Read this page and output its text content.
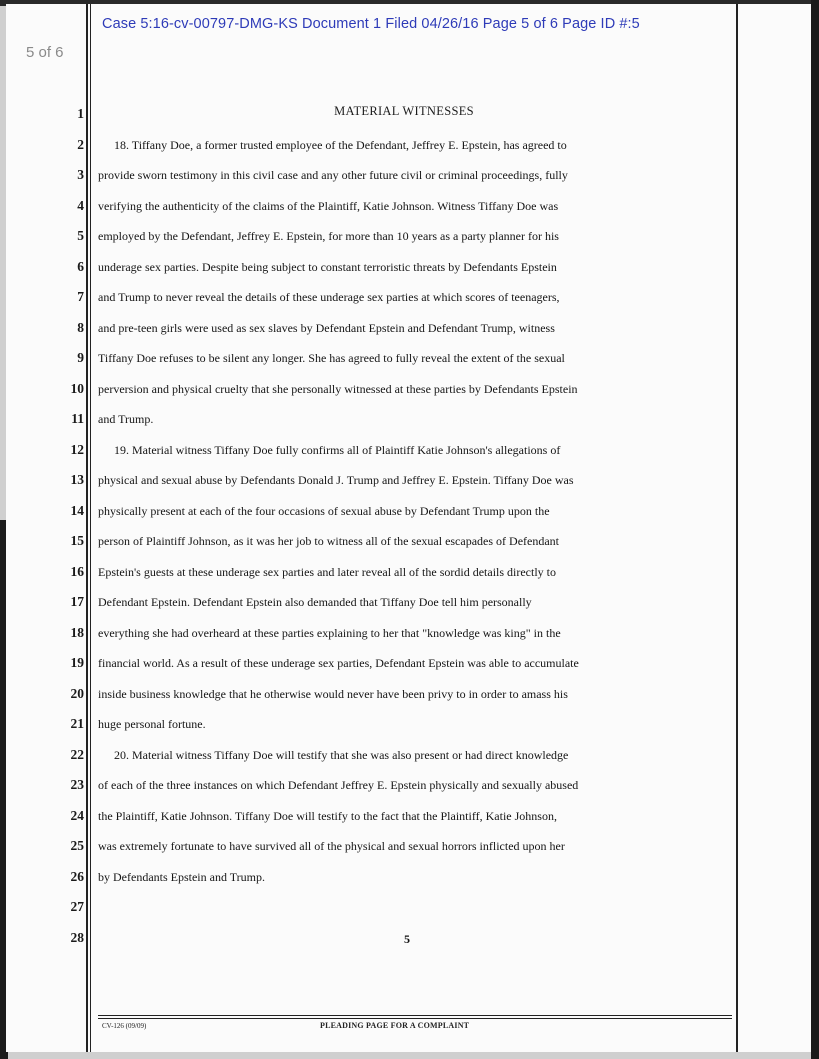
Case 5:16-cv-00797-DMG-KS Document 1 Filed 04/26/16 Page 5 of 6 Page ID #:5
5 of 6
1
2
3
4
5
6
7
8
9
10
11
12
13
14
15
16
17
18
19
20
21
22
23
24
25
26
27
28
MATERIAL WITNESSES
18. Tiffany Doe, a former trusted employee of the Defendant, Jeffrey E. Epstein, has agreed to
provide sworn testimony in this civil case and any other future civil or criminal proceedings, fully
verifying the authenticity of the claims of the Plaintiff, Katie Johnson. Witness Tiffany Doe was
employed by the Defendant, Jeffrey E. Epstein, for more than 10 years as a party planner for his
underage sex parties. Despite being subject to constant terroristic threats by Defendants Epstein
and Trump to never reveal the details of these underage sex parties at which scores of teenagers,
and pre-teen girls were used as sex slaves by Defendant Epstein and Defendant Trump, witness
Tiffany Doe refuses to be silent any longer. She has agreed to fully reveal the extent of the sexual
perversion and physical cruelty that she personally witnessed at these parties by Defendants Epstein
and Trump.
19. Material witness Tiffany Doe fully confirms all of Plaintiff Katie Johnson's allegations of
physical and sexual abuse by Defendants Donald J. Trump and Jeffrey E. Epstein. Tiffany Doe was
physically present at each of the four occasions of sexual abuse by Defendant Trump upon the
person of Plaintiff Johnson, as it was her job to witness all of the sexual escapades of Defendant
Epstein's guests at these underage sex parties and later reveal all of the sordid details directly to
Defendant Epstein. Defendant Epstein also demanded that Tiffany Doe tell him personally
everything she had overheard at these parties explaining to her that "knowledge was king" in the
financial world. As a result of these underage sex parties, Defendant Epstein was able to accumulate
inside business knowledge that he otherwise would never have been privy to in order to amass his
huge personal fortune.
20. Material witness Tiffany Doe will testify that she was also present or had direct knowledge
of each of the three instances on which Defendant Jeffrey E. Epstein physically and sexually abused
the Plaintiff, Katie Johnson. Tiffany Doe will testify to the fact that the Plaintiff, Katie Johnson,
was extremely fortunate to have survived all of the physical and sexual horrors inflicted upon her
by Defendants Epstein and Trump.
5
CV-126 (09/09)	PLEADING PAGE FOR A COMPLAINT
